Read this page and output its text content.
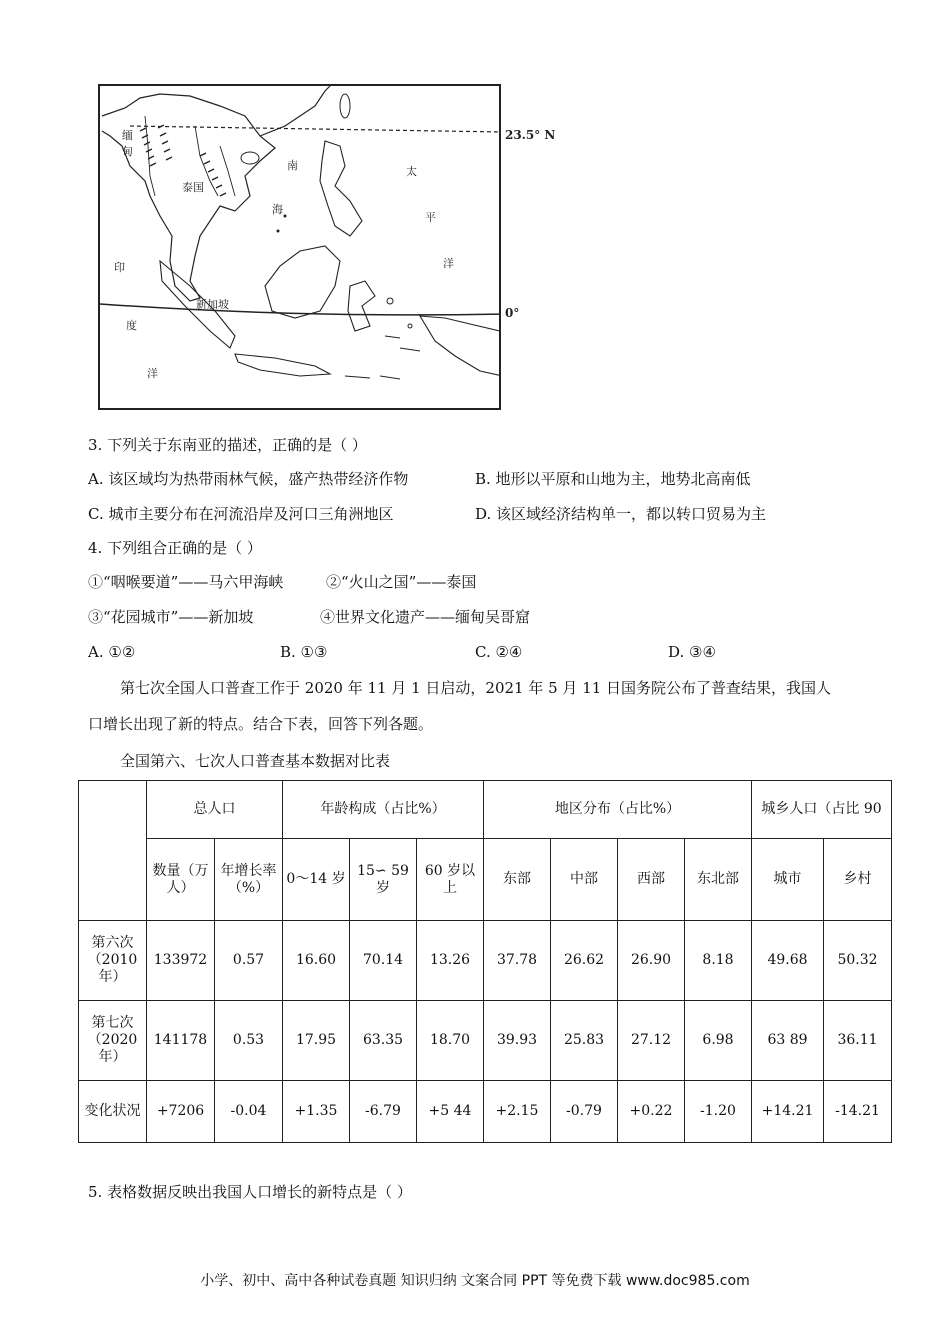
缅
甸
泰国
南
海
太
平
洋
印
度
洋
新加坡
23.5° N
0°
3. 下列关于东南亚的描述，正确的是（ ）
A. 该区域均为热带雨林气候，盛产热带经济作物	B. 地形以平原和山地为主，地势北高南低
C. 城市主要分布在河流沿岸及河口三角洲地区	D. 该区域经济结构单一，都以转口贸易为主
4. 下列组合正确的是（ ）
①“咽喉要道”——马六甲海峡	②“火山之国”——泰国
③“花园城市”——新加坡	④世界文化遗产——缅甸吴哥窟
A. ①②	B. ①③	C. ②④	D. ③④
第七次全国人口普查工作于 2020 年 11 月 1 日启动，2021 年 5 月 11 日国务院公布了普查结果，我国人
口增长出现了新的特点。结合下表，回答下列各题。
全国第六、七次人口普查基本数据对比表
	总人口		年龄构成（占比%）			地区分布（占比%）				城乡人口（占比 90	
	数量（万人）	年增长率（%）	0～14 岁	15∽ 59 岁	60 岁以上	东部	中部	西部	东北部	城市	乡村
第六次（2010 年）	133972	0.57	16.60	70.14	13.26	37.78	26.62	26.90	8.18	49.68	50.32
第七次（2020 年）	141178	0.53	17.95	63.35	18.70	39.93	25.83	27.12	6.98	63 89	36.11
变化状况	+7206	-0.04	+1.35	-6.79	+5 44	+2.15	-0.79	+0.22	-1.20	+14.21	-14.21
5. 表格数据反映出我国人口增长的新特点是（ ）
小学、初中、高中各种试卷真题 知识归纳 文案合同 PPT 等免费下载 www.doc985.com
